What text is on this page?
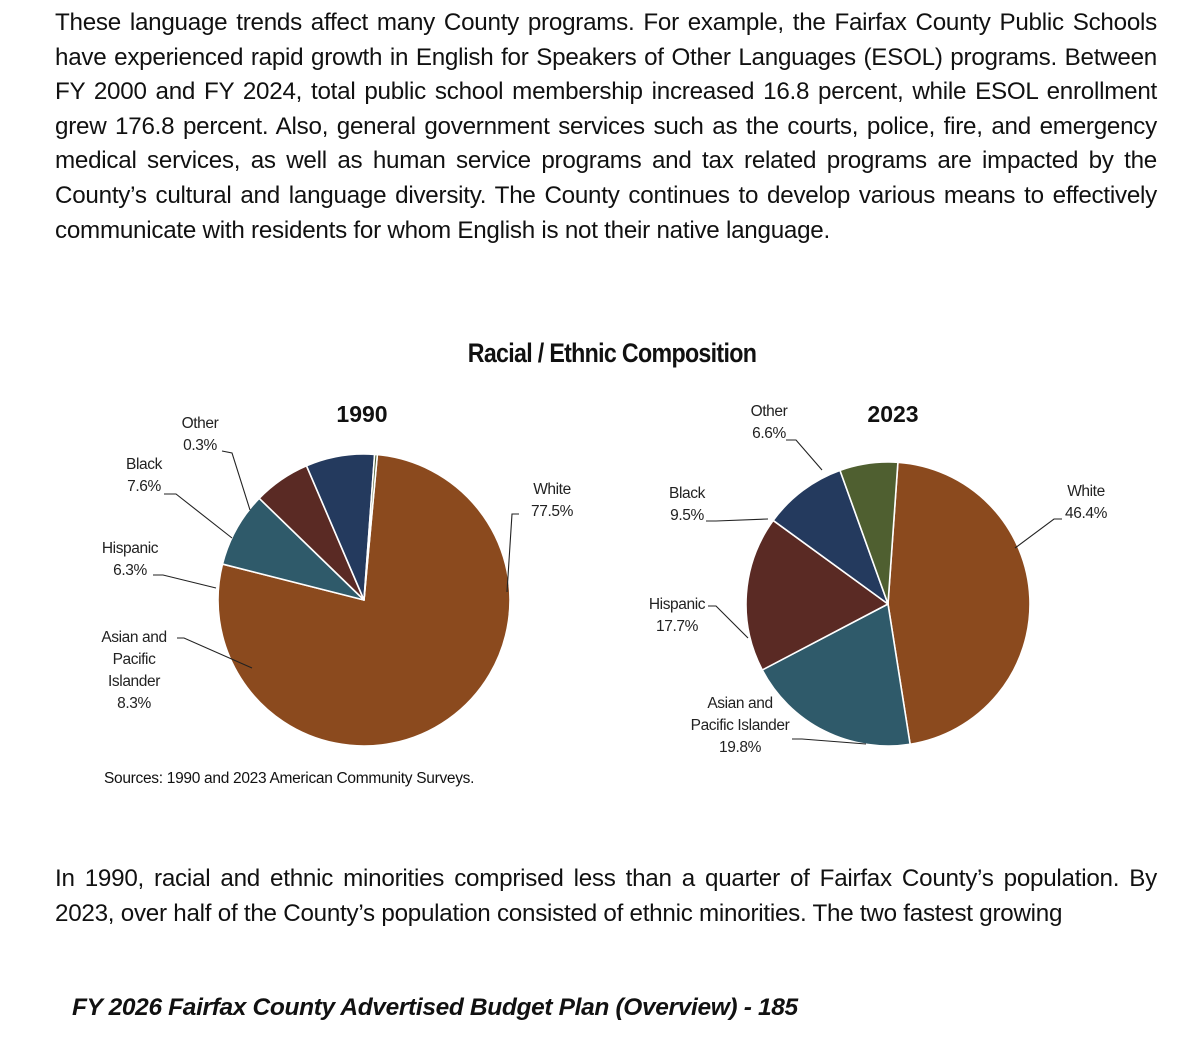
These language trends affect many County programs. For example, the Fairfax County Public Schools have experienced rapid growth in English for Speakers of Other Languages (ESOL) programs. Between FY 2000 and FY 2024, total public school membership increased 16.8 percent, while ESOL enrollment grew 176.8 percent. Also, general government services such as the courts, police, fire, and emergency medical services, as well as human service programs and tax related programs are impacted by the County’s cultural and language diversity. The County continues to develop various means to effectively communicate with residents for whom English is not their native language.

Racial / Ethnic Composition
1990
White 77.5%
Asian and Pacific Islander 8.3%
Hispanic 6.3%
Black 7.6%
Other 0.3%
2023
White 46.4%
Asian and Pacific Islander 19.8%
Hispanic 17.7%
Black 9.5%
Other 6.6%
Sources: 1990 and 2023 American Community Surveys.

In 1990, racial and ethnic minorities comprised less than a quarter of Fairfax County’s population. By 2023, over half of the County’s population consisted of ethnic minorities. The two fastest growing

FY 2026 Fairfax County Advertised Budget Plan (Overview) - 185
